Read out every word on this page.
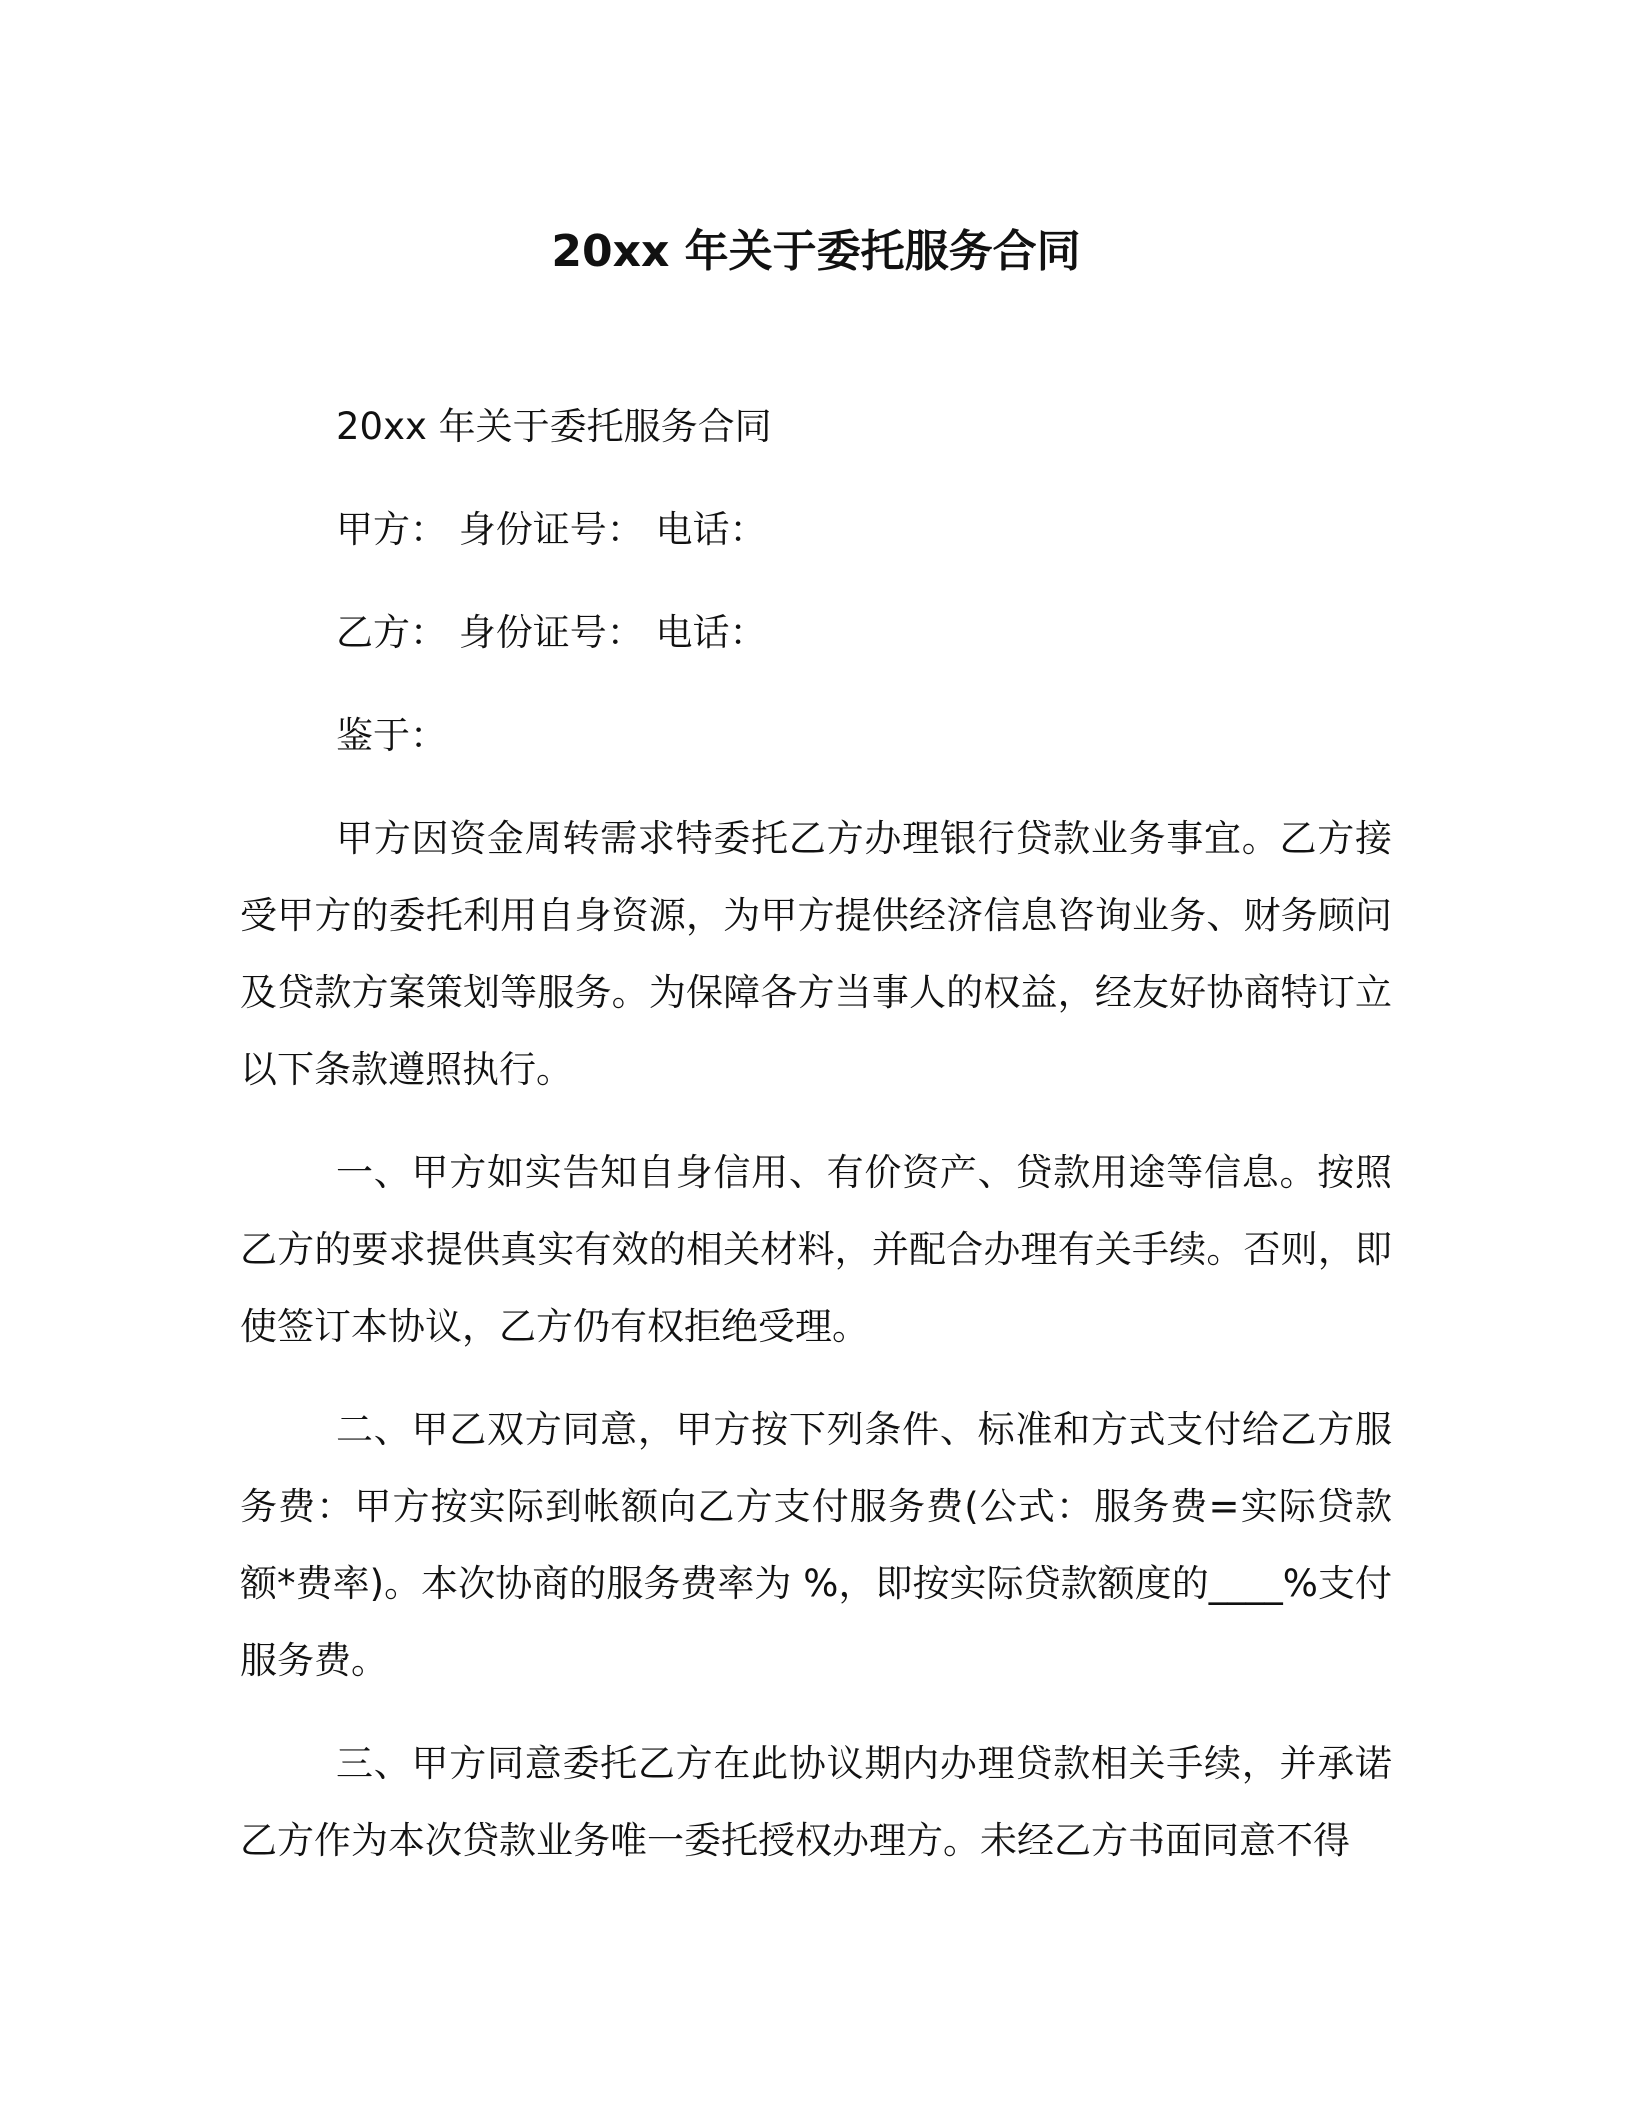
20xx 年关于委托服务合同

20xx 年关于委托服务合同

甲方： 身份证号： 电话：

乙方： 身份证号： 电话：

鉴于：

甲方因资金周转需求特委托乙方办理银行贷款业务事宜。乙方接受甲方的委托利用自身资源，为甲方提供经济信息咨询业务、财务顾问及贷款方案策划等服务。为保障各方当事人的权益，经友好协商特订立以下条款遵照执行。

一、甲方如实告知自身信用、有价资产、贷款用途等信息。按照乙方的要求提供真实有效的相关材料，并配合办理有关手续。否则，即使签订本协议，乙方仍有权拒绝受理。

二、甲乙双方同意，甲方按下列条件、标准和方式支付给乙方服务费：甲方按实际到帐额向乙方支付服务费(公式：服务费=实际贷款额*费率)。本次协商的服务费率为 %，即按实际贷款额度的____%支付服务费。

三、甲方同意委托乙方在此协议期内办理贷款相关手续，并承诺乙方作为本次贷款业务唯一委托授权办理方。未经乙方书面同意不得
